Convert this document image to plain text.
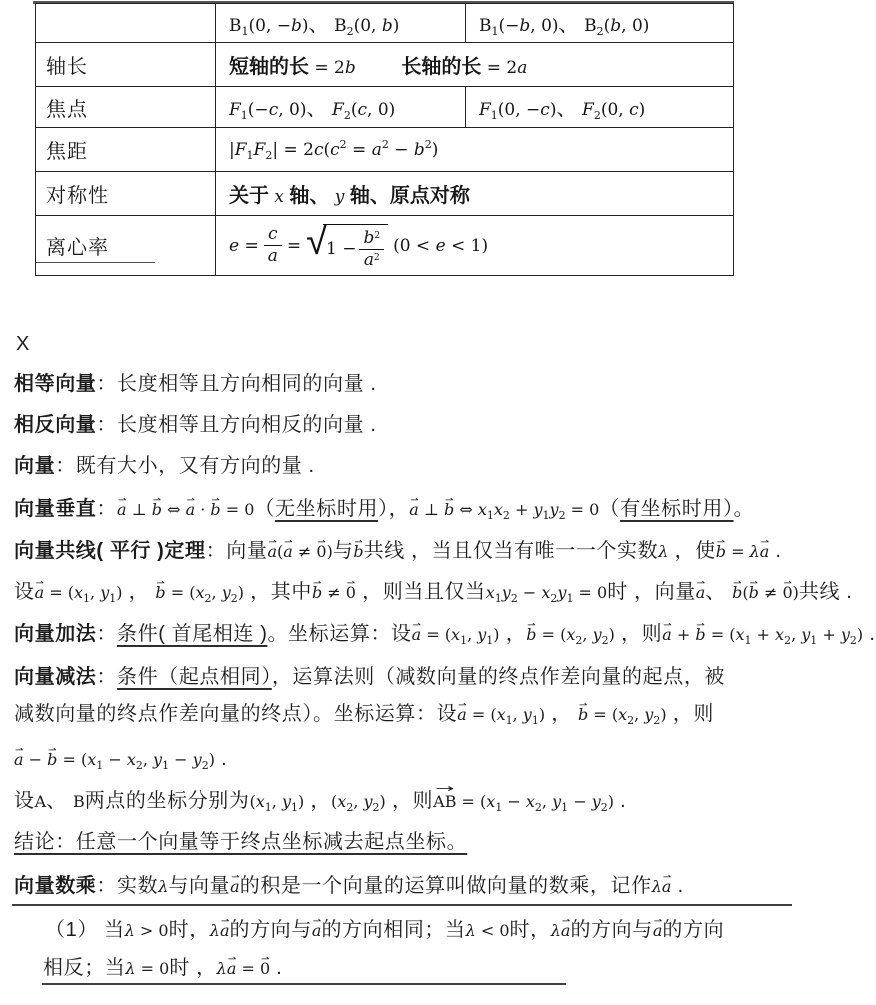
	$B_1(0$, −b)、 $B_2(0$, b)	$B_1(-b$, 0)、 $B_2(b$, 0)
轴长	短轴的长 = 2b　　 长轴的长 = 2a	
焦点	$F_1(-c$, 0)、 $F_2(c$, 0)	$F_1(0$, −c)、 $F_2(0$, c)
焦距	$|F_1F_2| = 2c(c^2 = a^2 - b^2)$	
对称性	关于 x 轴、 y 轴、原点对称	
离心率	$e = \frac{c}{a}$ = √ $1 - \frac{b^2}{a^2} (0 < e < 1)$
X
相等向量：长度相等且方向相同的向量 .
相反向量：长度相等且方向相反的向量 .
向量：既有大小，又有方向的量 .
向量垂直：⇀ a ⊥ ⇀ b ⇔ ⇀ a · ⇀ b = 0（无坐标时用），⇀ a ⊥ ⇀ b ⇔ $x_1x_2 + y_1y_2 = 0$（有坐标时用）。
向量共线( 平行 )定理：向量⇀ a(⇀ a ≠ ⇀ 0)与⇀ b共线 ，当且仅当有唯一一个实数λ ，使⇀ b = λ⇀ a .
设⇀ $a = (x_1$, $y_1$) ， ⇀ $b = (x_2$, $y_2$) ，其中⇀ b ≠ ⇀ 0 ，则当且仅当$x_1y_2 - x_2y_1 = 0$时 ，向量⇀ a、 ⇀ b(⇀ b ≠ ⇀ 0)共线 .
向量加法：条件( 首尾相连 )。坐标运算：设⇀ $a = (x_1$, $y_1$) ，⇀ $b = (x_2$, $y_2$) ，则⇀ a + ⇀ $b = (x_1 + x_2$, $y_1 + y_2$) .
向量减法：条件（起点相同），运算法则（减数向量的终点作差向量的起点，被
减数向量的终点作差向量的终点）。坐标运算：设⇀ $a = (x_1$, $y_1$) ， ⇀ $b = (x_2$, $y_2$) ，则
⇀ a − ⇀ $b = (x_1 - x_2$, $y_1 - y_2$) .
设A、 B两点的坐标分别为($x_1$, $y_1$) ，($x_2$, $y_2$) ，则→ AB = ($x_1 - x_2$, $y_1 - y_2$) .
结论：任意一个向量等于终点坐标减去起点坐标。
向量数乘：实数λ与向量⇀ a的积是一个向量的运算叫做向量的数乘，记作λ⇀ a .
（1） 当λ > 0时，λ⇀ a的方向与⇀ a的方向相同；当λ < 0时，λ⇀ a的方向与⇀ a的方向
相反；当λ = 0时 ，λ⇀ a = ⇀ 0 .
